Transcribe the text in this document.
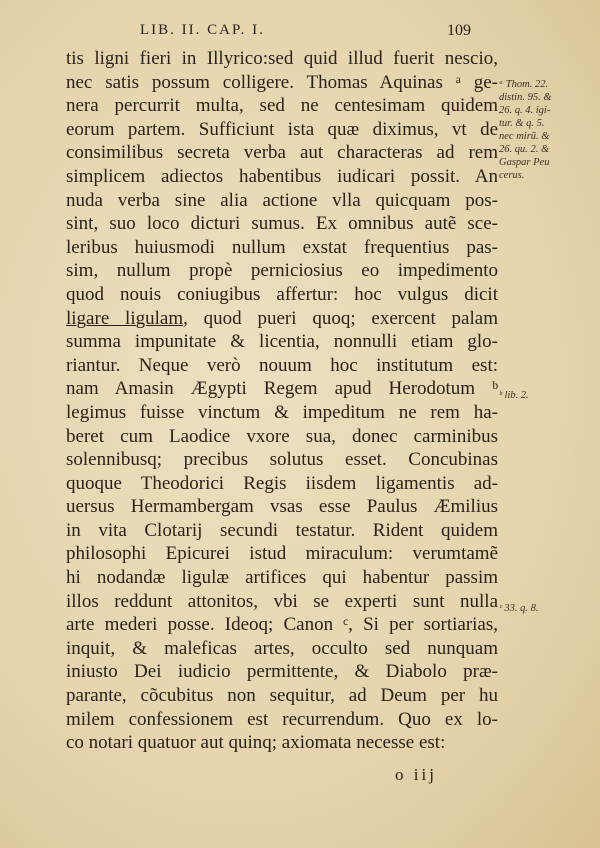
LIB. II. CAP. I.	109
tis ligni fieri in Illyrico:sed quid illud fuerit nescio,
nec satis possum colligere. Thomas Aquinas ᵃ ge-
nera percurrit multa, sed ne centesimam quidem
eorum partem. Sufficiunt ista quæ diximus, vt de
consimilibus secreta verba aut characteras ad rem
simplicem adiectos habentibus iudicari possit. An
nuda verba sine alia actione vlla quicquam pos-
sint, suo loco dicturi sumus. Ex omnibus autẽ sce-
leribus huiusmodi nullum exstat frequentius pas-
sim, nullum propè perniciosius eo impedimento
quod nouis coniugibus affertur: hoc vulgus dicit
ligare ligulam, quod pueri quoq; exercent palam
summa impunitate & licentia, nonnulli etiam glo-
riantur. Neque verò nouum hoc institutum est:
nam Amasin Ægypti Regem apud Herodotum ᵇ
legimus fuisse vinctum & impeditum ne rem ha-
beret cum Laodice vxore sua, donec carminibus
solennibusq; precibus solutus esset. Concubinas
quoque Theodorici Regis iisdem ligamentis ad-
uersus Hermambergam vsas esse Paulus Æmilius
in vita Clotarij secundi testatur. Rident quidem
philosophi Epicurei istud miraculum: verumtamẽ
hi nodandæ ligulæ artifices qui habentur passim
illos reddunt attonitos, vbi se experti sunt nulla
arte mederi posse. Ideoq; Canon ᶜ, Si per sortiarias,
inquit, & maleficas artes, occulto sed nunquam
iniusto Dei iudicio permittente, & Diabolo præ-
parante, cõcubitus non sequitur, ad Deum per hu
milem confessionem est recurrendum. Quo ex lo-
co notari quatuor aut quinq; axiomata necesse est:
ᵃ Thom. 22.
distin. 95. &
26. q. 4. igi-
tur. & q. 5.
nec mirũ. &
26. qu. 2. &
Gaspar Peu
cerus.
ᵇ lib. 2.
ᶜ 33. q. 8.
o iij
